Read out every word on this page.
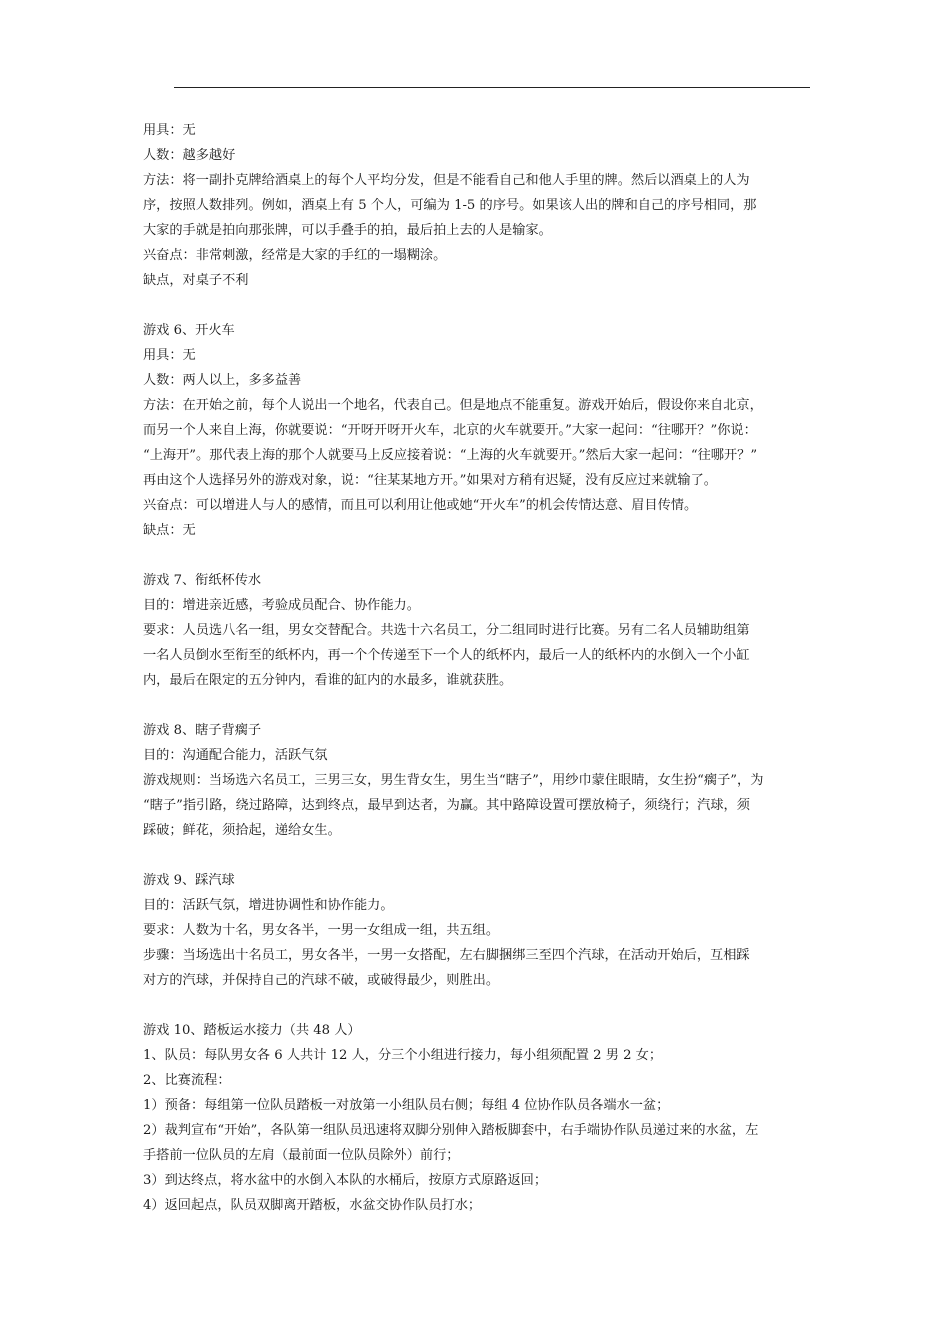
用具：无
人数：越多越好
方法：将一副扑克牌给酒桌上的每个人平均分发，但是不能看自己和他人手里的牌。然后以酒桌上的人为
序，按照人数排列。例如，酒桌上有 5 个人，可编为 1-5 的序号。如果该人出的牌和自己的序号相同，那
大家的手就是拍向那张牌，可以手叠手的拍，最后拍上去的人是输家。
兴奋点：非常刺激，经常是大家的手红的一塌糊涂。
缺点，对桌子不利
游戏 6、开火车
用具：无
人数：两人以上，多多益善
方法：在开始之前，每个人说出一个地名，代表自己。但是地点不能重复。游戏开始后，假设你来自北京，
而另一个人来自上海，你就要说：“开呀开呀开火车，北京的火车就要开。”大家一起问：“往哪开？”你说：
“上海开”。那代表上海的那个人就要马上反应接着说：“上海的火车就要开。”然后大家一起问：“往哪开？”
再由这个人选择另外的游戏对象，说：“往某某地方开。”如果对方稍有迟疑，没有反应过来就输了。
兴奋点：可以增进人与人的感情，而且可以利用让他或她“开火车”的机会传情达意、眉目传情。
缺点：无
游戏 7、衔纸杯传水
目的：增进亲近感，考验成员配合、协作能力。
要求：人员选八名一组，男女交替配合。共选十六名员工，分二组同时进行比赛。另有二名人员辅助组第
一名人员倒水至衔至的纸杯内，再一个个传递至下一个人的纸杯内，最后一人的纸杯内的水倒入一个小缸
内，最后在限定的五分钟内，看谁的缸内的水最多，谁就获胜。
游戏 8、瞎子背瘸子
目的：沟通配合能力，活跃气氛
游戏规则：当场选六名员工，三男三女，男生背女生，男生当“瞎子”，用纱巾蒙住眼睛，女生扮“瘸子”，为
“瞎子”指引路，绕过路障，达到终点，最早到达者，为赢。其中路障设置可摆放椅子，须绕行；汽球，须
踩破；鲜花，须拾起，递给女生。
游戏 9、踩汽球
目的：活跃气氛，增进协调性和协作能力。
要求：人数为十名，男女各半，一男一女组成一组，共五组。
步骤：当场选出十名员工，男女各半，一男一女搭配，左右脚捆绑三至四个汽球，在活动开始后，互相踩
对方的汽球，并保持自己的汽球不破，或破得最少，则胜出。
游戏 10、踏板运水接力（共 48 人）
1、队员：每队男女各 6 人共计 12 人，分三个小组进行接力，每小组须配置 2 男 2 女；
2、比赛流程：
1）预备：每组第一位队员踏板一对放第一小组队员右侧；每组 4 位协作队员各端水一盆；
2）裁判宣布“开始”，各队第一组队员迅速将双脚分别伸入踏板脚套中，右手端协作队员递过来的水盆，左
手搭前一位队员的左肩（最前面一位队员除外）前行；
3）到达终点，将水盆中的水倒入本队的水桶后，按原方式原路返回；
4）返回起点，队员双脚离开踏板，水盆交协作队员打水；
